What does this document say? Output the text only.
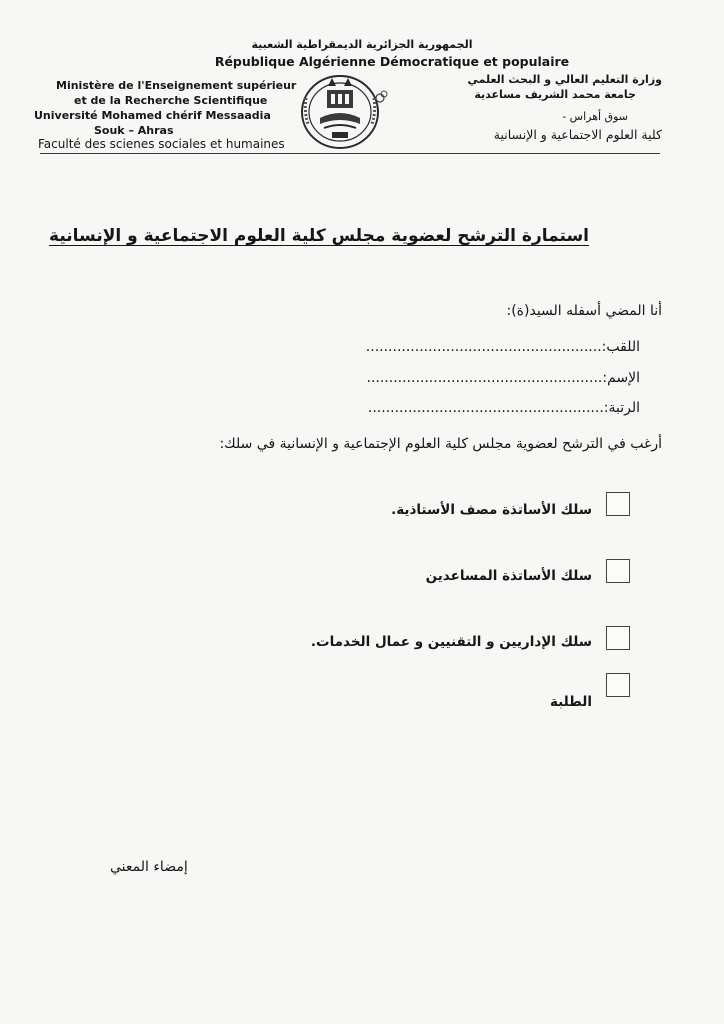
الجمهورية الجزائرية الديمقراطية الشعبية
République Algérienne Démocratique et populaire
Ministère de l'Enseignement supérieur
et de la Recherche Scientifique
Université Mohamed chérif Messaadia
Souk – Ahras
Faculté des scienes sociales et humaines
وزارة التعليم العالي و البحث العلمي
جامعة محمد الشريف مساعدية
سوق أهراس -
كلية العلوم الاجتماعية و الإنسانية
استمارة الترشح لعضوية مجلس كلية العلوم الاجتماعية و الإنسانية
أنا المضي أسفله السيد(ة):
اللقب:.....................................................
الإسم:.....................................................
الرتبة:.....................................................
أرغب في الترشح لعضوية مجلس كلية العلوم الإجتماعية و الإنسانية في سلك:
سلك الأساتذة مصف الأستاذية.
سلك الأساتذة المساعدين
سلك الإداريين و التقنيين و عمال الخدمات.
الطلبة
إمضاء المعني
